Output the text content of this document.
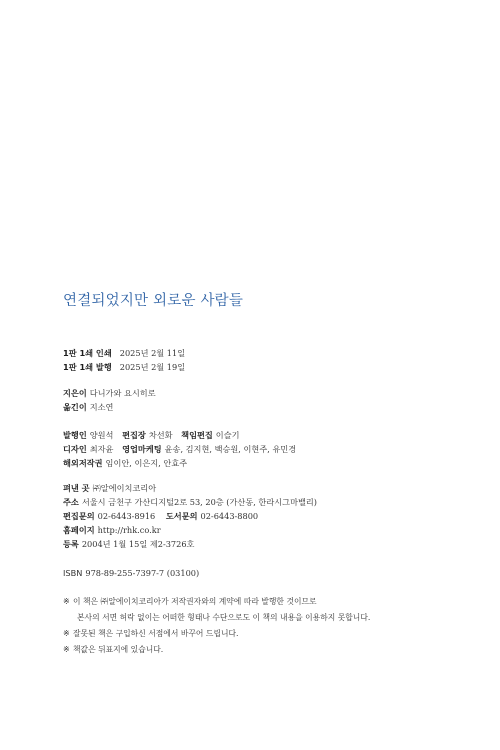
연결되었지만 외로운 사람들
1판 1쇄 인쇄 2025년 2월 11일
1판 1쇄 발행 2025년 2월 19일
지은이 다니가와 요시히로
옮긴이 지소연
발행인 양원석 편집장 차선화 책임편집 이슬기
디자인 최자윤 영업마케팅 윤송, 김지현, 백승원, 이현주, 유민경
해외저작권 임이안, 이은지, 안효주
펴낸 곳 ㈜알에이치코리아
주소 서울시 금천구 가산디지털2로 53, 20층 (가산동, 한라시그마밸리)
편집문의 02-6443-8916 도서문의 02-6443-8800
홈페이지 http://rhk.co.kr
등록 2004년 1월 15일 제2-3726호
ISBN 978-89-255-7397-7 (03100)
※ 이 책은 ㈜알에이치코리아가 저작권자와의 계약에 따라 발행한 것이므로
본사의 서면 허락 없이는 어떠한 형태나 수단으로도 이 책의 내용을 이용하지 못합니다.
※ 잘못된 책은 구입하신 서점에서 바꾸어 드립니다.
※ 책값은 뒤표지에 있습니다.
